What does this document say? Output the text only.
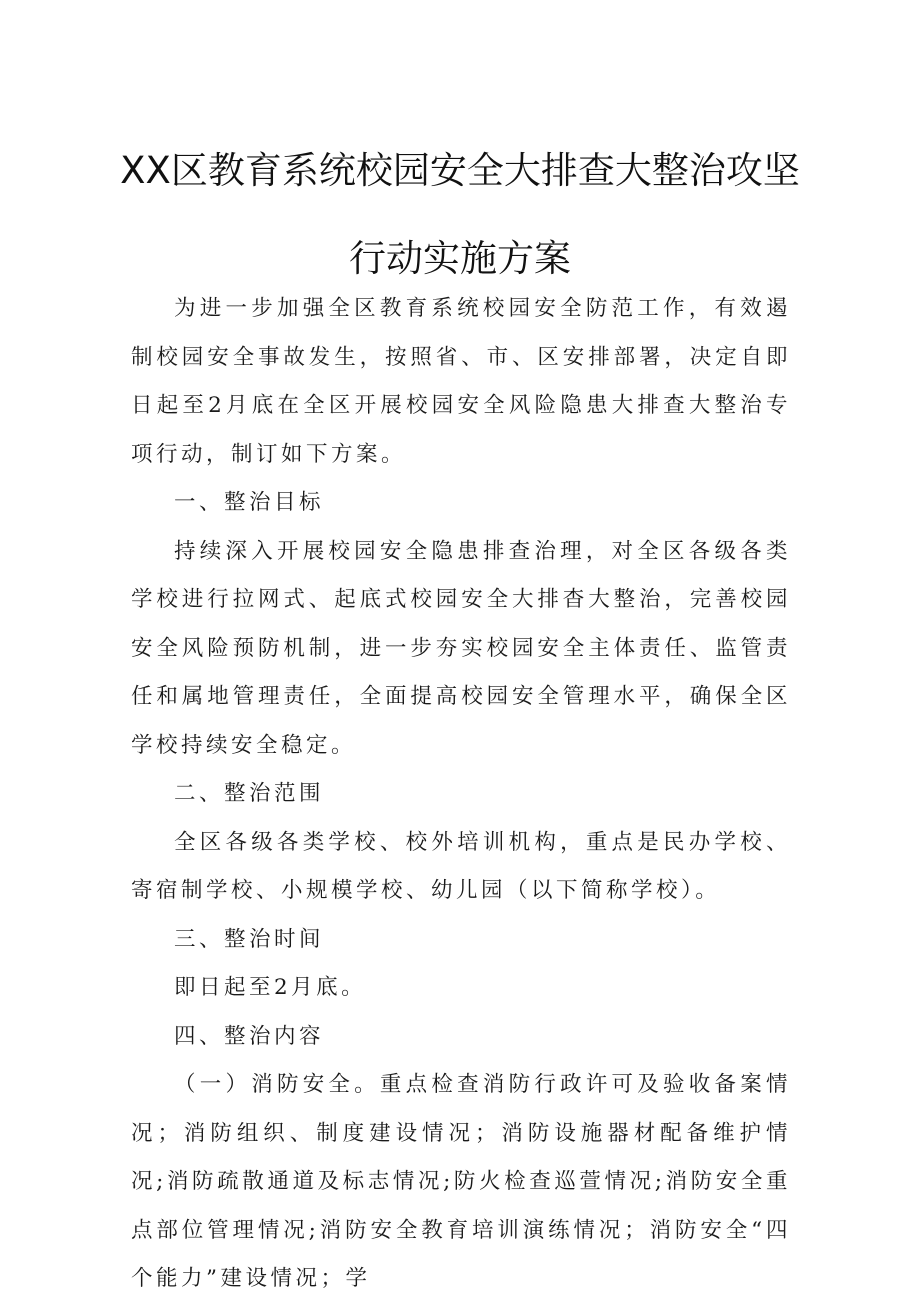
XX区教育系统校园安全大排查大整治攻坚
行动实施方案

为进一步加强全区教育系统校园安全防范工作，有效遏制校园安全事故发生，按照省、市、区安排部署，决定自即日起至2月底在全区开展校园安全风险隐患大排查大整治专项行动，制订如下方案。

一、整治目标

持续深入开展校园安全隐患排查治理，对全区各级各类学校进行拉网式、起底式校园安全大排杳大整治，完善校园安全风险预防机制，进一步夯实校园安全主体责任、监管责任和属地管理责任，全面提高校园安全管理水平，确保全区学校持续安全稳定。

二、整治范围

全区各级各类学校、校外培训机构，重点是民办学校、寄宿制学校、小规模学校、幼儿园（以下简称学校）。

三、整治时间

即日起至2月底。

四、整治内容

（一）消防安全。重点检查消防行政许可及验收备案情况；消防组织、制度建设情况；消防设施器材配备维护情况;消防疏散通道及标志情况;防火检查巡萱情况;消防安全重点部位管理情况;消防安全教育培训演练情况；消防安全“四个能力”建设情况；学
